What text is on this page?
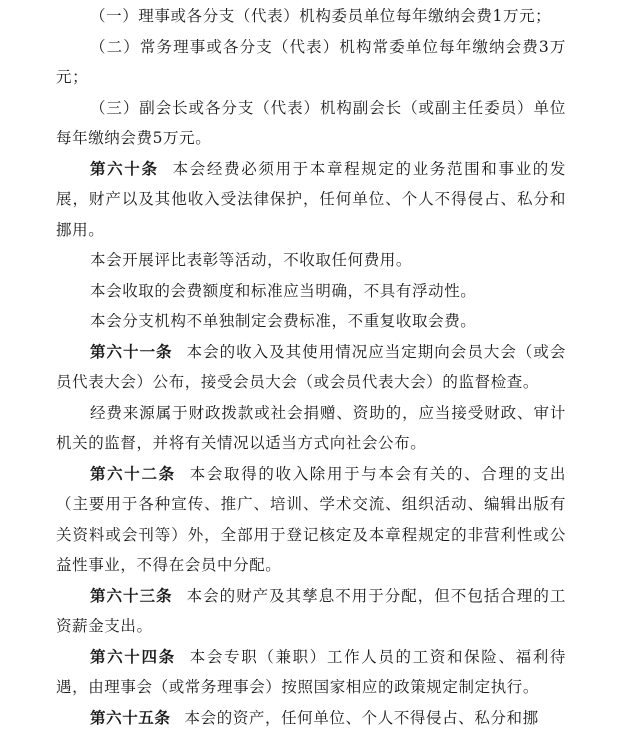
（一）理事或各分支（代表）机构委员单位每年缴纳会费1万元；

（二）常务理事或各分支（代表）机构常委单位每年缴纳会费3万元；

（三）副会长或各分支（代表）机构副会长（或副主任委员）单位每年缴纳会费5万元。

第六十条 本会经费必须用于本章程规定的业务范围和事业的发展，财产以及其他收入受法律保护，任何单位、个人不得侵占、私分和挪用。

本会开展评比表彰等活动，不收取任何费用。

本会收取的会费额度和标准应当明确，不具有浮动性。

本会分支机构不单独制定会费标准，不重复收取会费。

第六十一条 本会的收入及其使用情况应当定期向会员大会（或会员代表大会）公布，接受会员大会（或会员代表大会）的监督检查。

经费来源属于财政拨款或社会捐赠、资助的，应当接受财政、审计机关的监督，并将有关情况以适当方式向社会公布。

第六十二条 本会取得的收入除用于与本会有关的、合理的支出（主要用于各种宣传、推广、培训、学术交流、组织活动、编辑出版有关资料或会刊等）外，全部用于登记核定及本章程规定的非营利性或公益性事业，不得在会员中分配。

第六十三条 本会的财产及其孳息不用于分配，但不包括合理的工资薪金支出。

第六十四条 本会专职（兼职）工作人员的工资和保险、福利待遇，由理事会（或常务理事会）按照国家相应的政策规定制定执行。

第六十五条 本会的资产，任何单位、个人不得侵占、私分和挪
